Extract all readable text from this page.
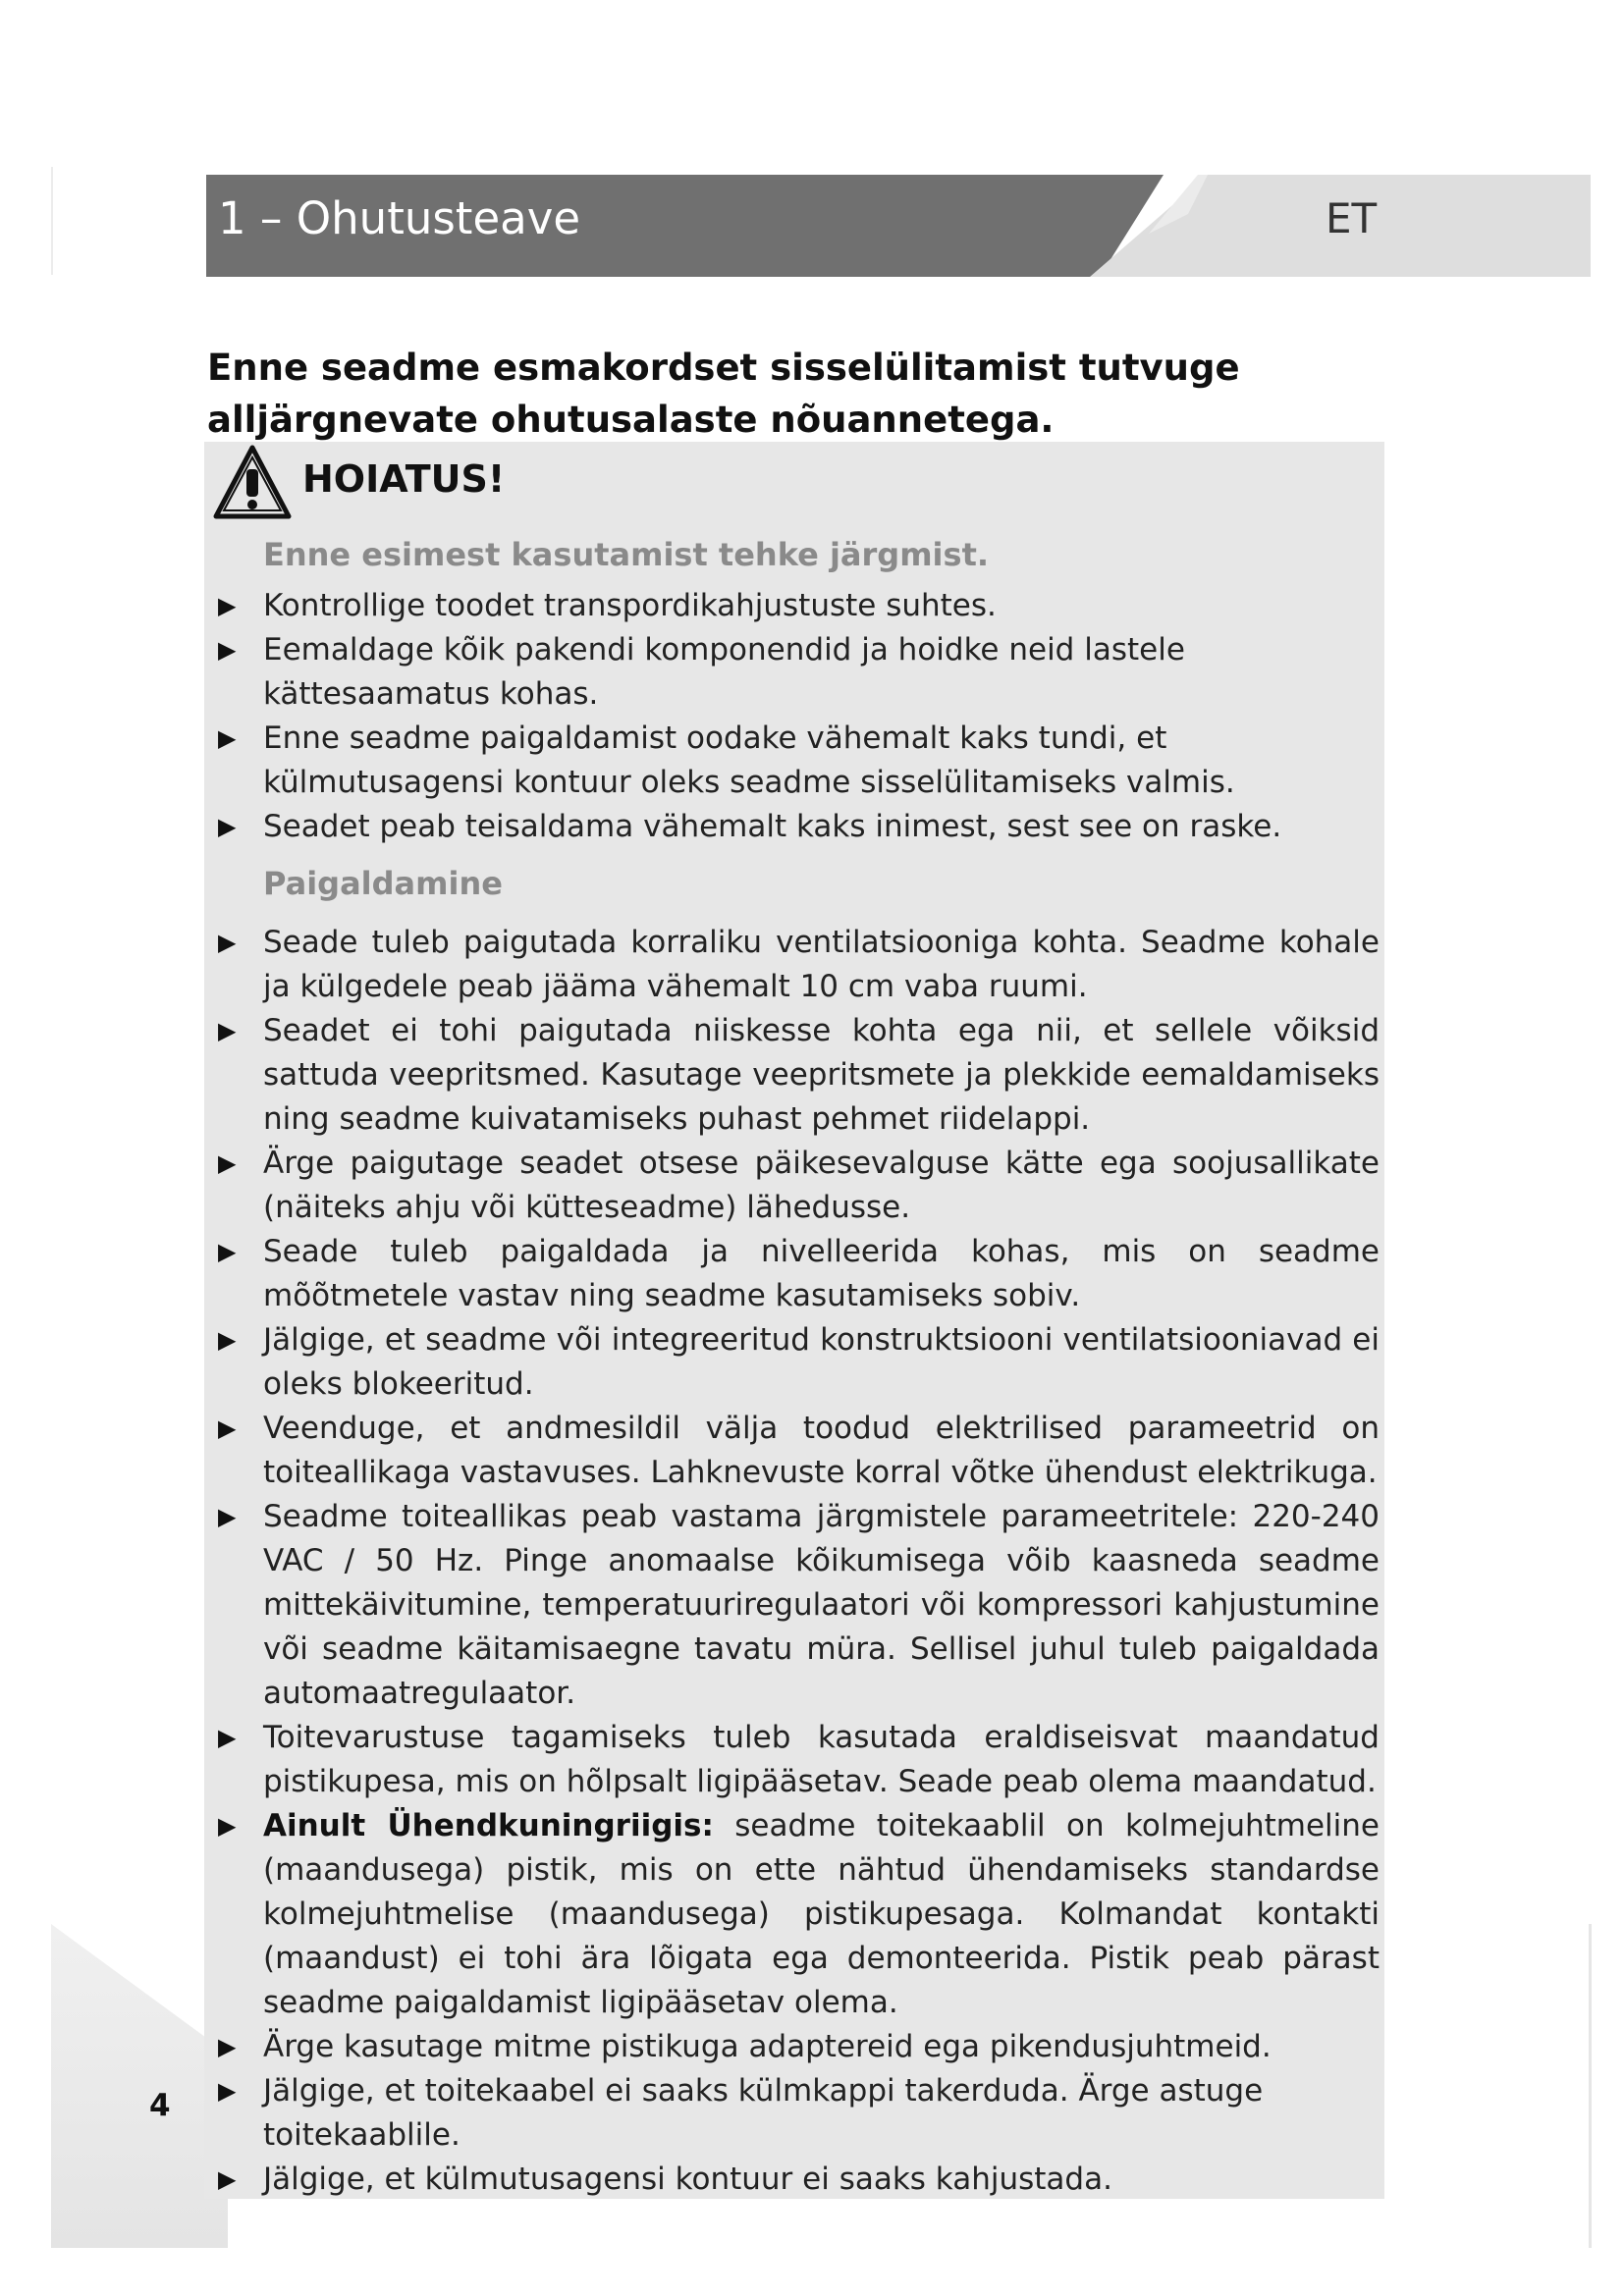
1 – Ohutusteave	ET
Enne seadme esmakordset sisselülitamist tutvuge alljärgnevate ohutusalaste nõuannetega.
HOIATUS!
Enne esimest kasutamist tehke järgmist.
▶ Kontrollige toodet transpordikahjustuste suhtes.
▶ Eemaldage kõik pakendi komponendid ja hoidke neid lastele kättesaamatus kohas.
▶ Enne seadme paigaldamist oodake vähemalt kaks tundi, et külmutusagensi kontuur oleks seadme sisselülitamiseks valmis.
▶ Seadet peab teisaldama vähemalt kaks inimest, sest see on raske.
Paigaldamine
▶ Seade tuleb paigutada korraliku ventilatsiooniga kohta. Seadme kohale ja külgedele peab jääma vähemalt 10 cm vaba ruumi.
▶ Seadet ei tohi paigutada niiskesse kohta ega nii, et sellele võiksid sattuda veepritsmed. Kasutage veepritsmete ja plekkide eemaldamiseks ning seadme kuivatamiseks puhast pehmet riidelappi.
▶ Ärge paigutage seadet otsese päikesevalguse kätte ega soojusallikate (näiteks ahju või kütteseadme) lähedusse.
▶ Seade tuleb paigaldada ja nivelleerida kohas, mis on seadme mõõtmetele vastav ning seadme kasutamiseks sobiv.
▶ Jälgige, et seadme või integreeritud konstruktsiooni ventilatsiooniavad ei oleks blokeeritud.
▶ Veenduge, et andmesildil välja toodud elektrilised parameetrid on toiteallikaga vastavuses. Lahknevuste korral võtke ühendust elektrikuga.
▶ Seadme toiteallikas peab vastama järgmistele parameetritele: 220-240 VAC / 50 Hz. Pinge anomaalse kõikumisega võib kaasneda seadme mittekäivitumine, temperatuuriregulaatori või kompressori kahjustumine või seadme käitamisaegne tavatu müra. Sellisel juhul tuleb paigaldada automaatregulaator.
▶ Toitevarustuse tagamiseks tuleb kasutada eraldiseisvat maandatud pistikupesa, mis on hõlpsalt ligipääsetav. Seade peab olema maandatud.
▶ Ainult Ühendkuningriigis: seadme toitekaablil on kolmejuhtmeline (maandusega) pistik, mis on ette nähtud ühendamiseks standardse kolmejuhtmelise (maandusega) pistikupesaga. Kolmandat kontakti (maandust) ei tohi ära lõigata ega demonteerida. Pistik peab pärast seadme paigaldamist ligipääsetav olema.
▶ Ärge kasutage mitme pistikuga adaptereid ega pikendusjuhtmeid.
▶ Jälgige, et toitekaabel ei saaks külmkappi takerduda. Ärge astuge toitekaablile.
▶ Jälgige, et külmutusagensi kontuur ei saaks kahjustada.
4
